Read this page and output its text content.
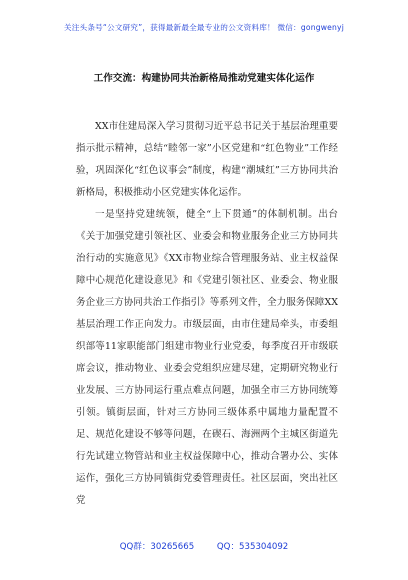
关注头条号“公文研究”，获得最新最全最专业的公文资料库！ 微信：gongwenyj
工作交流：构建协同共治新格局推动党建实体化运作

XX市住建局深入学习贯彻习近平总书记关于基层治理重要指示批示精神，总结“睦邻一家”小区党建和“红色物业”工作经验，巩固深化“红色议事会”制度，构建“潮城红”三方协同共治新格局，积极推动小区党建实体化运作。

一是坚持党建统领，健全“上下贯通”的体制机制。出台《关于加强党建引领社区、业委会和物业服务企业三方协同共治行动的实施意见》《XX市物业综合管理服务站、业主权益保障中心规范化建设意见》和《党建引领社区、业委会、物业服务企业三方协同共治工作指引》等系列文件，全力服务保障XX基层治理工作正向发力。市级层面，由市住建局牵头，市委组织部等11家职能部门组建市物业行业党委，每季度召开市级联席会议，推动物业、业委会党组织应建尽建，定期研究物业行业发展、三方协同运行重点难点问题，加强全市三方协同统筹引领。镇街层面，针对三方协同三级体系中属地力量配置不足、规范化建设不够等问题，在碶石、海洲两个主城区街道先行先试建立物管站和业主权益保障中心，推动合署办公、实体运作，强化三方协同镇街党委管理责任。社区层面，突出社区党

QQ群：30265665	QQ：535304092
